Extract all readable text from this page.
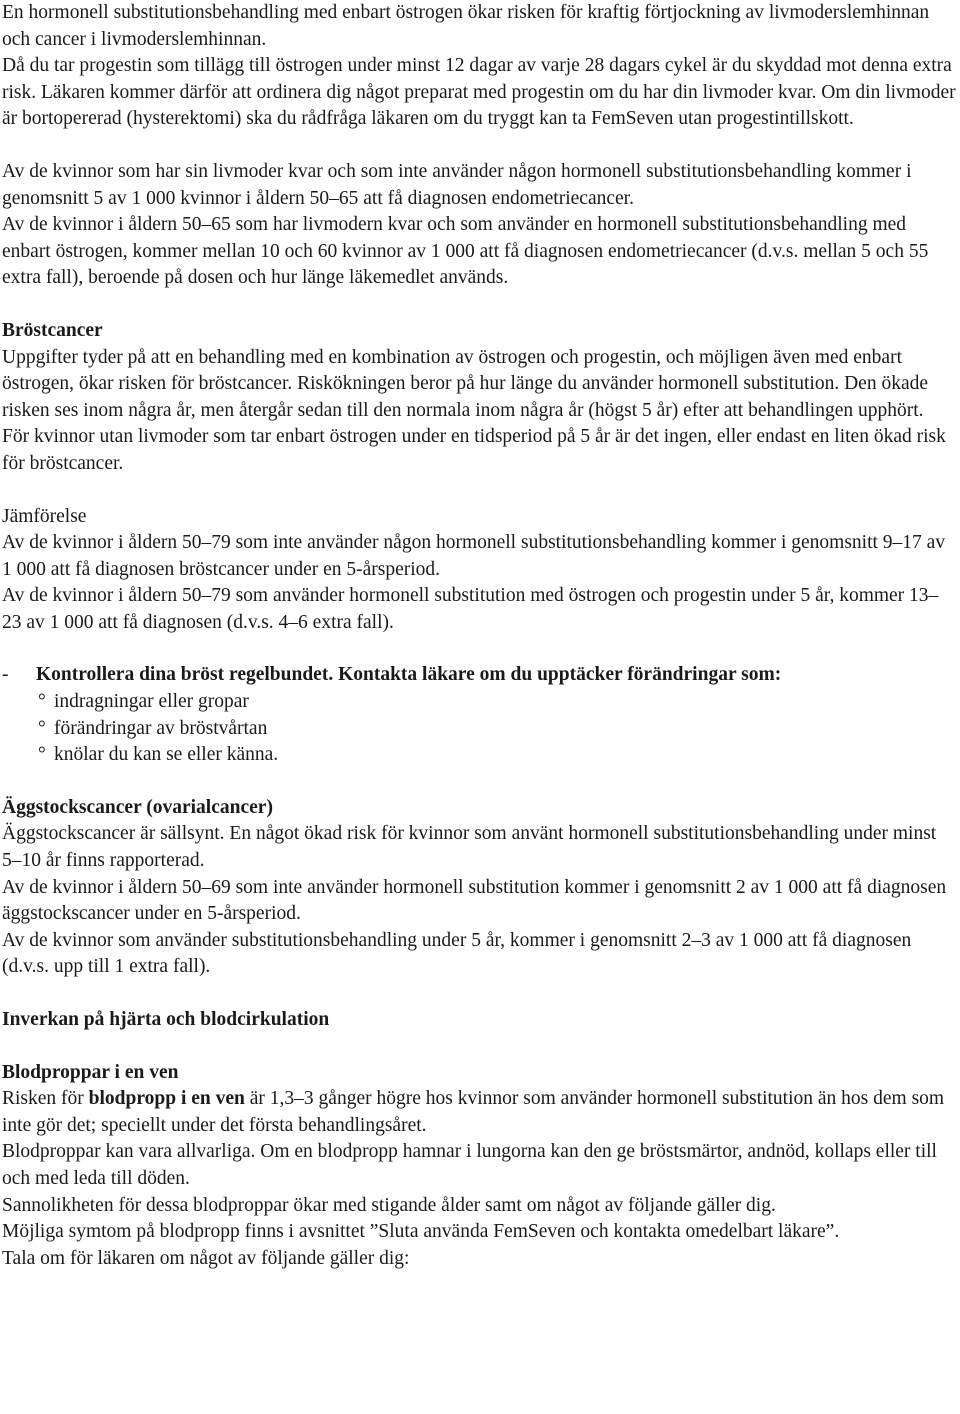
En hormonell substitutionsbehandling med enbart östrogen ökar risken för kraftig förtjockning av livmoderslemhinnan och cancer i livmoderslemhinnan.

Då du tar progestin som tillägg till östrogen under minst 12 dagar av varje 28 dagars cykel är du skyddad mot denna extra risk. Läkaren kommer därför att ordinera dig något preparat med progestin om du har din livmoder kvar. Om din livmoder är bortopererad (hysterektomi) ska du rådfråga läkaren om du tryggt kan ta FemSeven utan progestintillskott.

Av de kvinnor som har sin livmoder kvar och som inte använder någon hormonell substitutionsbehandling kommer i genomsnitt 5 av 1 000 kvinnor i åldern 50–65 att få diagnosen endometriecancer.

Av de kvinnor i åldern 50–65 som har livmodern kvar och som använder en hormonell substitutionsbehandling med enbart östrogen, kommer mellan 10 och 60 kvinnor av 1 000 att få diagnosen endometriecancer (d.v.s. mellan 5 och 55 extra fall), beroende på dosen och hur länge läkemedlet används.

Bröstcancer

Uppgifter tyder på att en behandling med en kombination av östrogen och progestin, och möjligen även med enbart östrogen, ökar risken för bröstcancer. Riskökningen beror på hur länge du använder hormonell substitution. Den ökade risken ses inom några år, men återgår sedan till den normala inom några år (högst 5 år) efter att behandlingen upphört.

För kvinnor utan livmoder som tar enbart östrogen under en tidsperiod på 5 år är det ingen, eller endast en liten ökad risk för bröstcancer.

Jämförelse

Av de kvinnor i åldern 50–79 som inte använder någon hormonell substitutionsbehandling kommer i genomsnitt 9–17 av 1 000 att få diagnosen bröstcancer under en 5-årsperiod.

Av de kvinnor i åldern 50–79 som använder hormonell substitution med östrogen och progestin under 5 år, kommer 13–23 av 1 000 att få diagnosen (d.v.s. 4–6 extra fall).

-	Kontrollera dina bröst regelbundet. Kontakta läkare om du upptäcker förändringar som:
° indragningar eller gropar
° förändringar av bröstvårtan
° knölar du kan se eller känna.

Äggstockscancer (ovarialcancer)

Äggstockscancer är sällsynt. En något ökad risk för kvinnor som använt hormonell substitutionsbehandling under minst 5–10 år finns rapporterad.

Av de kvinnor i åldern 50–69 som inte använder hormonell substitution kommer i genomsnitt 2 av 1 000 att få diagnosen äggstockscancer under en 5-årsperiod.

Av de kvinnor som använder substitutionsbehandling under 5 år, kommer i genomsnitt 2–3 av 1 000 att få diagnosen (d.v.s. upp till 1 extra fall).

Inverkan på hjärta och blodcirkulation

Blodproppar i en ven

Risken för blodpropp i en ven är 1,3–3 gånger högre hos kvinnor som använder hormonell substitution än hos dem som inte gör det; speciellt under det första behandlingsåret.

Blodproppar kan vara allvarliga. Om en blodpropp hamnar i lungorna kan den ge bröstsmärtor, andnöd, kollaps eller till och med leda till döden.

Sannolikheten för dessa blodproppar ökar med stigande ålder samt om något av följande gäller dig.

Möjliga symtom på blodpropp finns i avsnittet ”Sluta använda FemSeven och kontakta omedelbart läkare”.

Tala om för läkaren om något av följande gäller dig:
